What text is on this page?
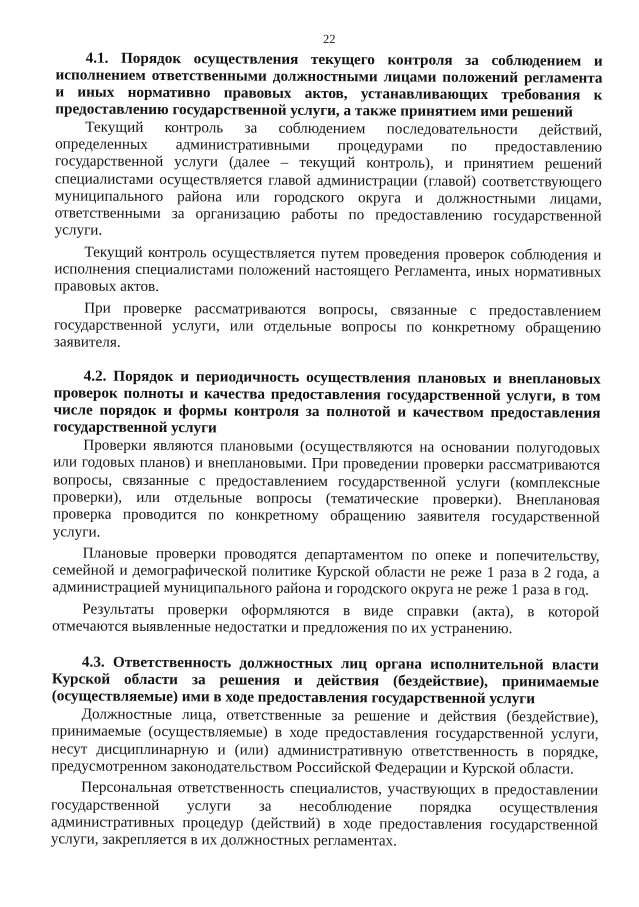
22

4.1. Порядок осуществления текущего контроля за соблюдением и исполнением ответственными должностными лицами положений регламента и иных нормативно правовых актов, устанавливающих требования к предоставлению государственной услуги, а также принятием ими решений

Текущий контроль за соблюдением последовательности действий, определенных административными процедурами по предоставлению государственной услуги (далее – текущий контроль), и принятием решений специалистами осуществляется главой администрации (главой) соответствующего муниципального района или городского округа и должностными лицами, ответственными за организацию работы по предоставлению государственной услуги.

Текущий контроль осуществляется путем проведения проверок соблюдения и исполнения специалистами положений настоящего Регламента, иных нормативных правовых актов.

При проверке рассматриваются вопросы, связанные с предоставлением государственной услуги, или отдельные вопросы по конкретному обращению заявителя.

4.2. Порядок и периодичность осуществления плановых и внеплановых проверок полноты и качества предоставления государственной услуги, в том числе порядок и формы контроля за полнотой и качеством предоставления государственной услуги

Проверки являются плановыми (осуществляются на основании полугодовых или годовых планов) и внеплановыми. При проведении проверки рассматриваются вопросы, связанные с предоставлением государственной услуги (комплексные проверки), или отдельные вопросы (тематические проверки). Внеплановая проверка проводится по конкретному обращению заявителя государственной услуги.

Плановые проверки проводятся департаментом по опеке и попечительству, семейной и демографической политике Курской области не реже 1 раза в 2 года, а администрацией муниципального района и городского округа не реже 1 раза в год.

Результаты проверки оформляются в виде справки (акта), в которой отмечаются выявленные недостатки и предложения по их устранению.

4.3. Ответственность должностных лиц органа исполнительной власти Курской области за решения и действия (бездействие), принимаемые (осуществляемые) ими в ходе предоставления государственной услуги

Должностные лица, ответственные за решение и действия (бездействие), принимаемые (осуществляемые) в ходе предоставления государственной услуги, несут дисциплинарную и (или) административную ответственность в порядке, предусмотренном законодательством Российской Федерации и Курской области.

Персональная ответственность специалистов, участвующих в предоставлении государственной услуги за несоблюдение порядка осуществления административных процедур (действий) в ходе предоставления государственной услуги, закрепляется в их должностных регламентах.
